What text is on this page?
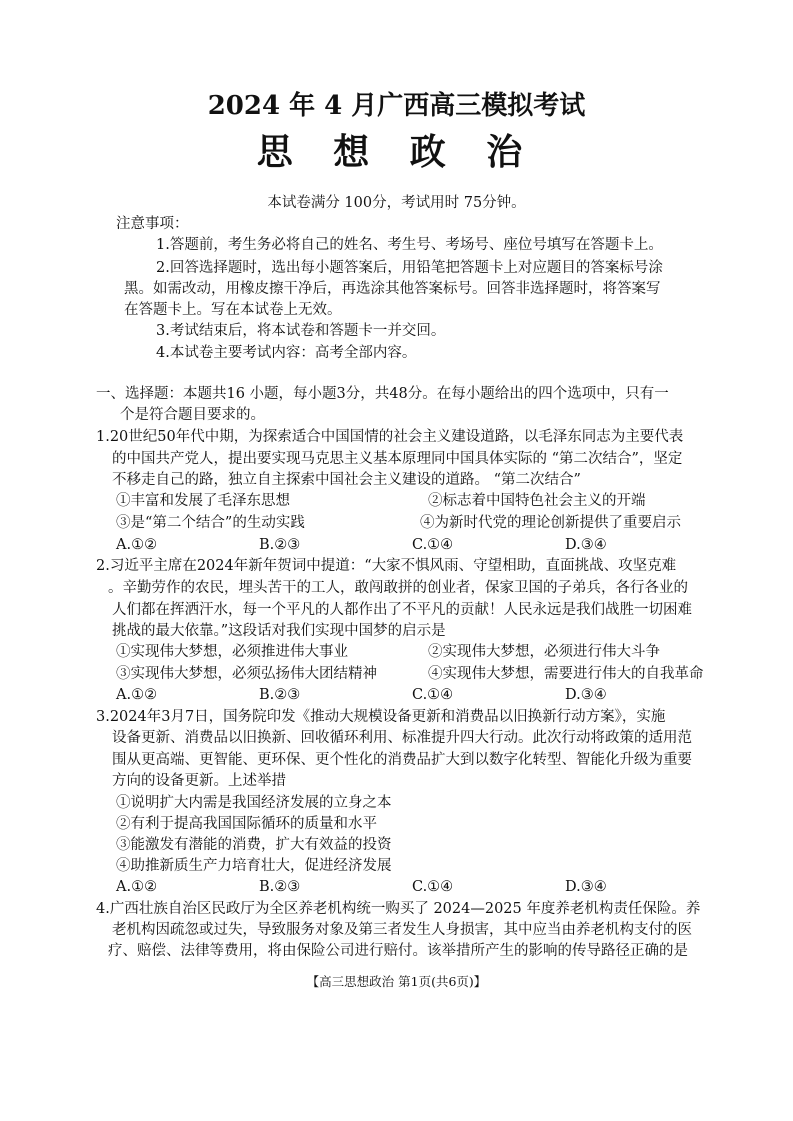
2024 年 4 月广西高三模拟考试
思 想 政 治
本试卷满分 100分，考试用时 75分钟。
注意事项：
1.答题前，考生务必将自己的姓名、考生号、考场号、座位号填写在答题卡上。
2.回答选择题时，选出每小题答案后，用铅笔把答题卡上对应题目的答案标号涂
黑。如需改动，用橡皮擦干净后，再选涂其他答案标号。回答非选择题时，将答案写
在答题卡上。写在本试卷上无效。
3.考试结束后，将本试卷和答题卡一并交回。
4.本试卷主要考试内容：高考全部内容。
一、选择题：本题共16 小题，每小题3分，共48分。在每小题给出的四个选项中，只有一
个是符合题目要求的。
1.20世纪50年代中期，为探索适合中国国情的社会主义建设道路，以毛泽东同志为主要代表
的中国共产党人，提出要实现马克思主义基本原理同中国具体实际的 “第二次结合”，坚定
不移走自己的路，独立自主探索中国社会主义建设的道路。 “第二次结合”
①丰富和发展了毛泽东思想	②标志着中国特色社会主义的开端
③是“第二个结合”的生动实践	④为新时代党的理论创新提供了重要启示
A.①②	B.②③	C.①④	D.③④
2.习近平主席在2024年新年贺词中提道：“大家不惧风雨、守望相助，直面挑战、攻坚克难
。辛勤劳作的农民，埋头苦干的工人，敢闯敢拼的创业者，保家卫国的子弟兵，各行各业的
人们都在挥洒汗水，每一个平凡的人都作出了不平凡的贡献！人民永远是我们战胜一切困难
挑战的最大依靠。”这段话对我们实现中国梦的启示是
①实现伟大梦想，必须推进伟大事业	②实现伟大梦想，必须进行伟大斗争
③实现伟大梦想，必须弘扬伟大团结精神	④实现伟大梦想，需要进行伟大的自我革命
A.①②	B.②③	C.①④	D.③④
3.2024年3月7日，国务院印发《推动大规模设备更新和消费品以旧换新行动方案》，实施
设备更新、消费品以旧换新、回收循环利用、标准提升四大行动。此次行动将政策的适用范
围从更高端、更智能、更环保、更个性化的消费品扩大到以数字化转型、智能化升级为重要
方向的设备更新。上述举措
①说明扩大内需是我国经济发展的立身之本
②有利于提高我国国际循环的质量和水平
③能激发有潜能的消费，扩大有效益的投资
④助推新质生产力培育壮大，促进经济发展
A.①②	B.②③	C.①④	D.③④
4.广西壮族自治区民政厅为全区养老机构统一购买了 2024—2025 年度养老机构责任保险。养
老机构因疏忽或过失，导致服务对象及第三者发生人身损害，其中应当由养老机构支付的医
疗、赔偿、法律等费用，将由保险公司进行赔付。该举措所产生的影响的传导路径正确的是
【高三思想政治 第1页(共6页)】
